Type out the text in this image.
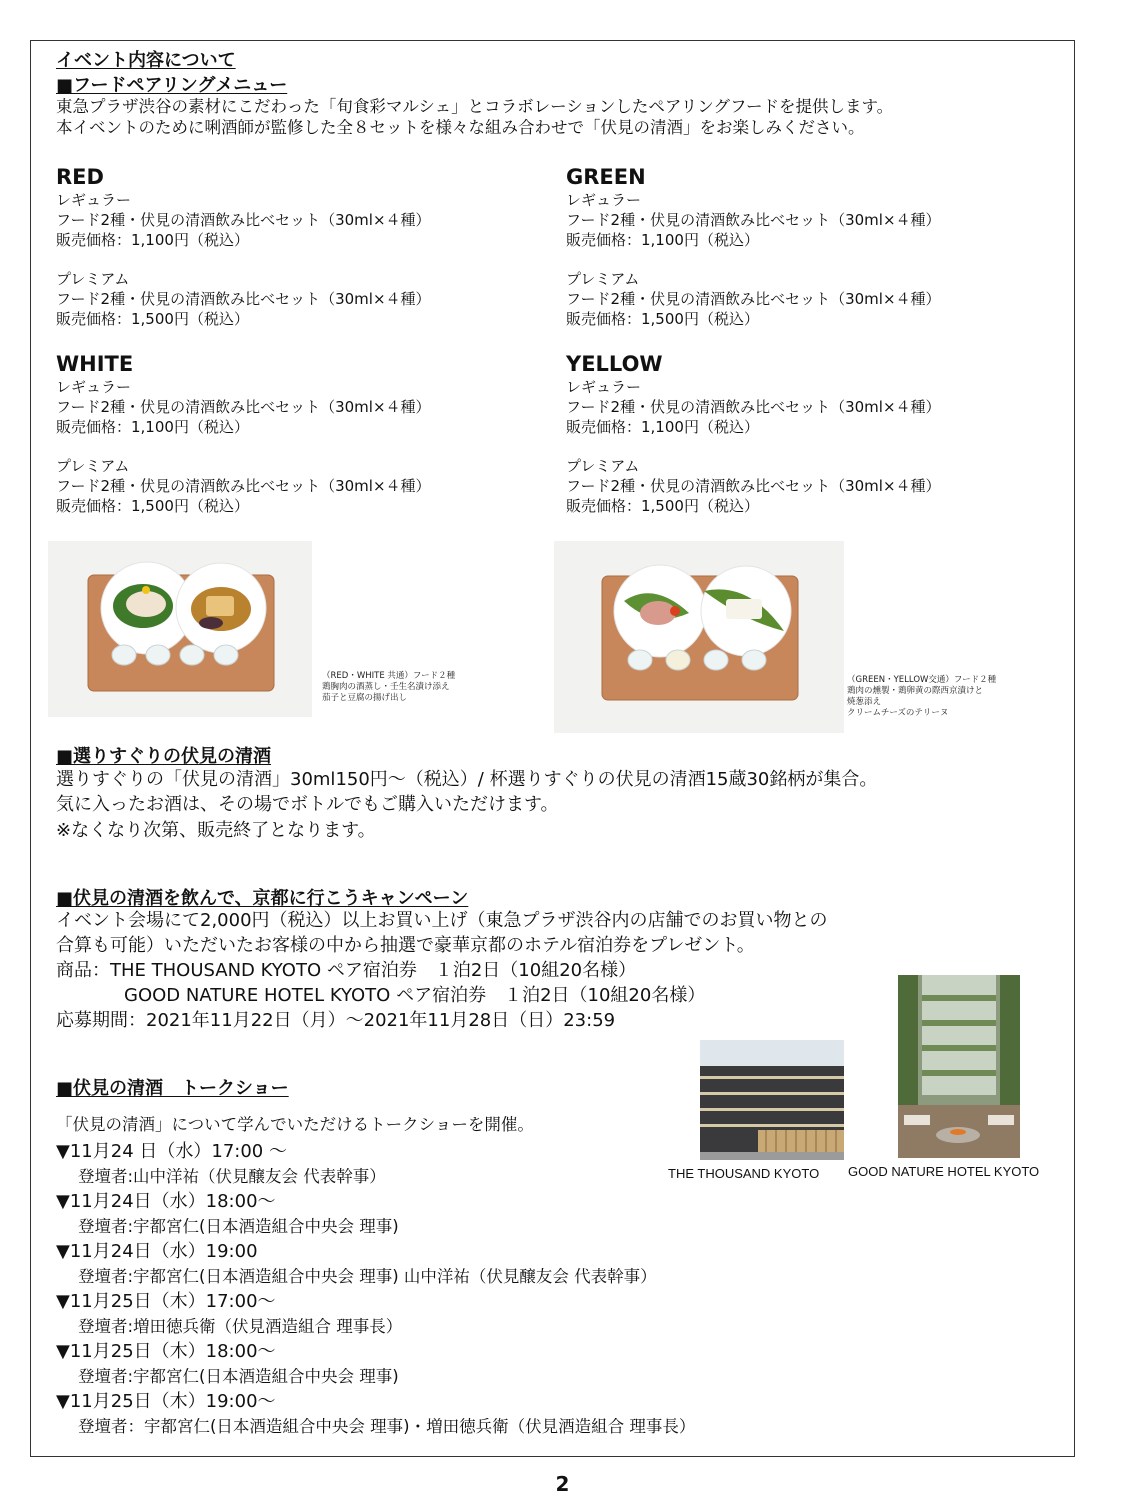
イベント内容について
■フードペアリングメニュー
東急プラザ渋谷の素材にこだわった「旬食彩マルシェ」とコラボレーションしたペアリングフードを提供します。
本イベントのために唎酒師が監修した全８セットを様々な組み合わせで「伏見の清酒」をお楽しみください。
RED
レギュラー
フード2種・伏見の清酒飲み比べセット（30ml×４種）
販売価格：1,100円（税込）
プレミアム
フード2種・伏見の清酒飲み比べセット（30ml×４種）
販売価格：1,500円（税込）
GREEN
レギュラー
フード2種・伏見の清酒飲み比べセット（30ml×４種）
販売価格：1,100円（税込）
プレミアム
フード2種・伏見の清酒飲み比べセット（30ml×４種）
販売価格：1,500円（税込）
WHITE
レギュラー
フード2種・伏見の清酒飲み比べセット（30ml×４種）
販売価格：1,100円（税込）
プレミアム
フード2種・伏見の清酒飲み比べセット（30ml×４種）
販売価格：1,500円（税込）
YELLOW
レギュラー
フード2種・伏見の清酒飲み比べセット（30ml×４種）
販売価格：1,100円（税込）
プレミアム
フード2種・伏見の清酒飲み比べセット（30ml×４種）
販売価格：1,500円（税込）
（RED・WHITE 共通）フード２種
鶏胸肉の酒蒸し・壬生名漬け添え
茄子と豆腐の揚げ出し
（GREEN・YELLOW交通）フード２種
鶏肉の燻製・鶏卵黄の際西京漬けと
焼葱添え
クリームチーズのテリーヌ
■選りすぐりの伏見の清酒
選りすぐりの「伏見の清酒」30ml150円～（税込）/ 杯選りすぐりの伏見の清酒15蔵30銘柄が集合。
気に入ったお酒は、その場でボトルでもご購入いただけます。
※なくなり次第、販売終了となります。
■伏見の清酒を飲んで、京都に行こうキャンペーン
イベント会場にて2,000円（税込）以上お買い上げ（東急プラザ渋谷内の店舗でのお買い物との
合算も可能）いただいたお客様の中から抽選で豪華京都のホテル宿泊券をプレゼント。
商品：THE THOUSAND KYOTO ペア宿泊券　１泊2日（10組20名様）
GOOD NATURE HOTEL KYOTO ペア宿泊券　１泊2日（10組20名様）
応募期間：2021年11月22日（月）～2021年11月28日（日）23:59
THE THOUSAND KYOTO GOOD NATURE HOTEL KYOTO
■伏見の清酒　トークショー
「伏見の清酒」について学んでいただけるトークショーを開催。
▼11月24 日（水）17:00 ～
登壇者:山中洋祐（伏見醸友会 代表幹事）
▼11月24日（水）18:00～
登壇者:宇都宮仁(日本酒造組合中央会 理事)
▼11月24日（水）19:00
登壇者:宇都宮仁(日本酒造組合中央会 理事) 山中洋祐（伏見醸友会 代表幹事）
▼11月25日（木）17:00～
登壇者:増田徳兵衛（伏見酒造組合 理事長）
▼11月25日（木）18:00～
登壇者:宇都宮仁(日本酒造組合中央会 理事)
▼11月25日（木）19:00～
登壇者：宇都宮仁(日本酒造組合中央会 理事)・増田徳兵衛（伏見酒造組合 理事長）
2
